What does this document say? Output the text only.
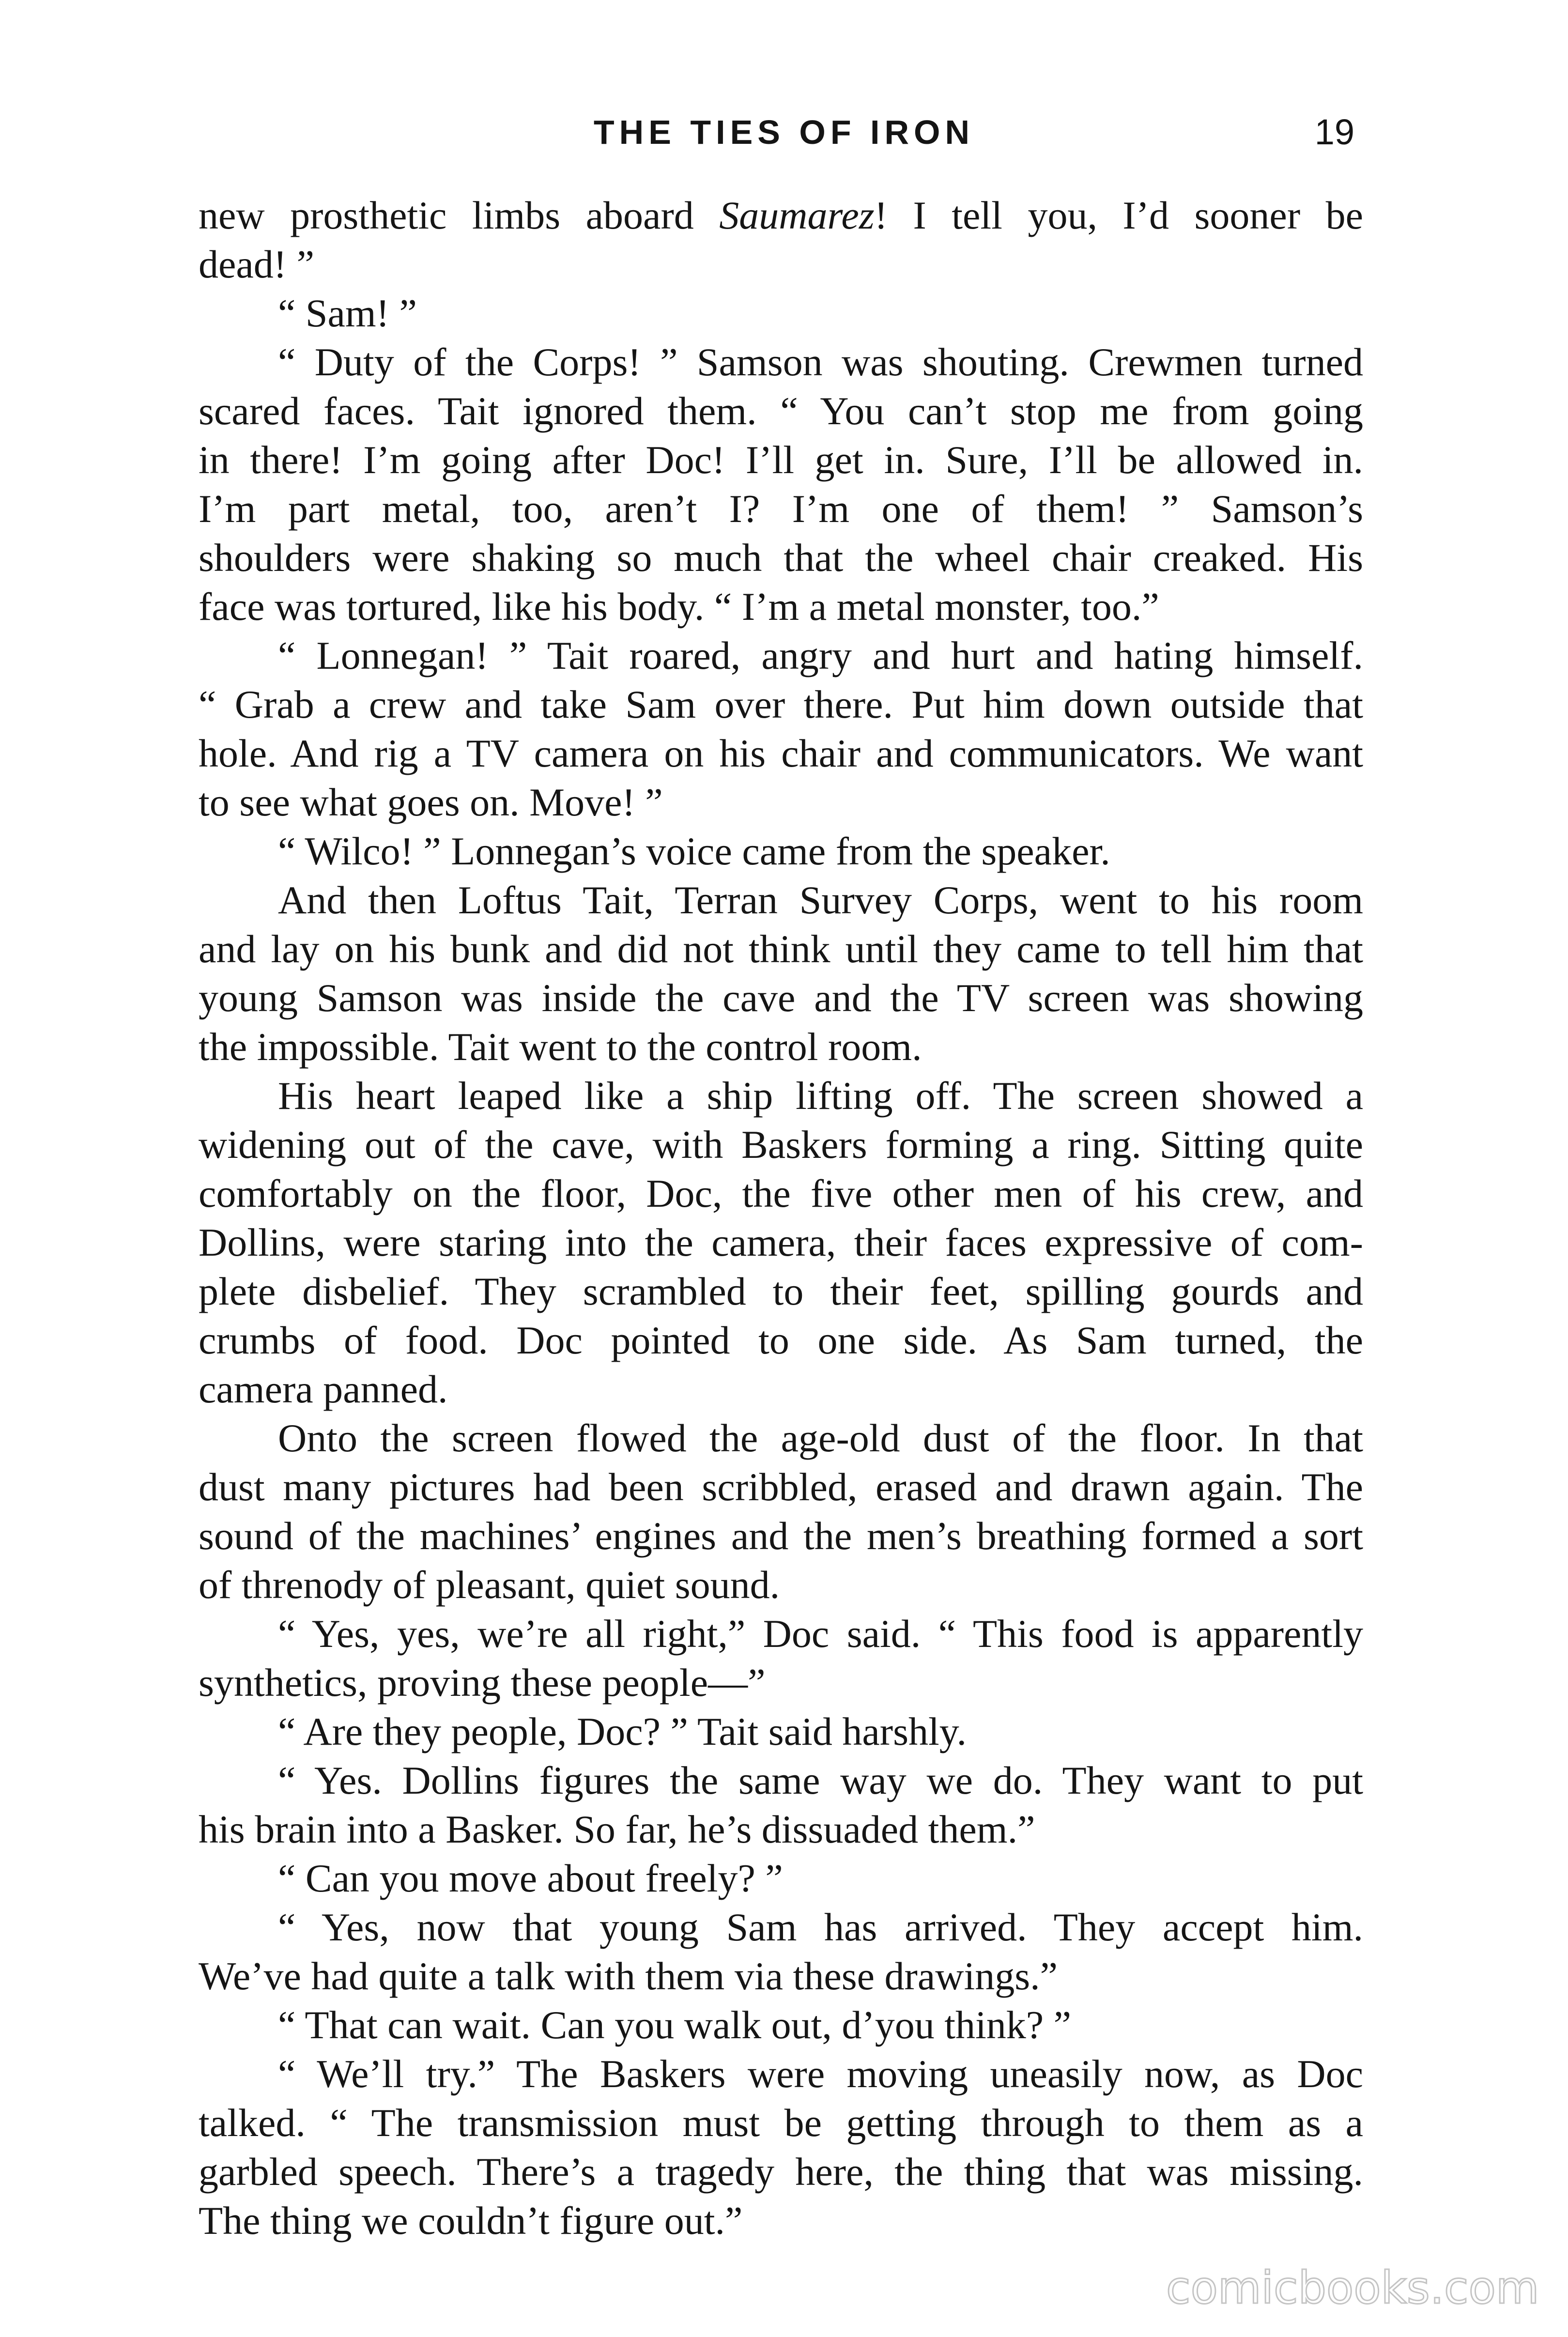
THE TIES OF IRON	19
new prosthetic limbs aboard Saumarez! I tell you, I’d sooner be
dead! ”
“ Sam! ”
“ Duty of the Corps! ” Samson was shouting. Crewmen turned
scared faces. Tait ignored them. “ You can’t stop me from going
in there! I’m going after Doc! I’ll get in. Sure, I’ll be allowed in.
I’m part metal, too, aren’t I? I’m one of them! ” Samson’s
shoulders were shaking so much that the wheel chair creaked. His
face was tortured, like his body. “ I’m a metal monster, too.”
“ Lonnegan! ” Tait roared, angry and hurt and hating himself.
“ Grab a crew and take Sam over there. Put him down outside that
hole. And rig a TV camera on his chair and communicators. We want
to see what goes on. Move! ”
“ Wilco! ” Lonnegan’s voice came from the speaker.
And then Loftus Tait, Terran Survey Corps, went to his room
and lay on his bunk and did not think until they came to tell him that
young Samson was inside the cave and the TV screen was showing
the impossible. Tait went to the control room.
His heart leaped like a ship lifting off. The screen showed a
widening out of the cave, with Baskers forming a ring. Sitting quite
comfortably on the floor, Doc, the five other men of his crew, and
Dollins, were staring into the camera, their faces expressive of com-
plete disbelief. They scrambled to their feet, spilling gourds and
crumbs of food. Doc pointed to one side. As Sam turned, the
camera panned.
Onto the screen flowed the age-old dust of the floor. In that
dust many pictures had been scribbled, erased and drawn again. The
sound of the machines’ engines and the men’s breathing formed a sort
of threnody of pleasant, quiet sound.
“ Yes, yes, we’re all right,” Doc said. “ This food is apparently
synthetics, proving these people—”
“ Are they people, Doc? ” Tait said harshly.
“ Yes. Dollins figures the same way we do. They want to put
his brain into a Basker. So far, he’s dissuaded them.”
“ Can you move about freely? ”
“ Yes, now that young Sam has arrived. They accept him.
We’ve had quite a talk with them via these drawings.”
“ That can wait. Can you walk out, d’you think? ”
“ We’ll try.” The Baskers were moving uneasily now, as Doc
talked. “ The transmission must be getting through to them as a
garbled speech. There’s a tragedy here, the thing that was missing.
The thing we couldn’t figure out.”
comicbooks.com
